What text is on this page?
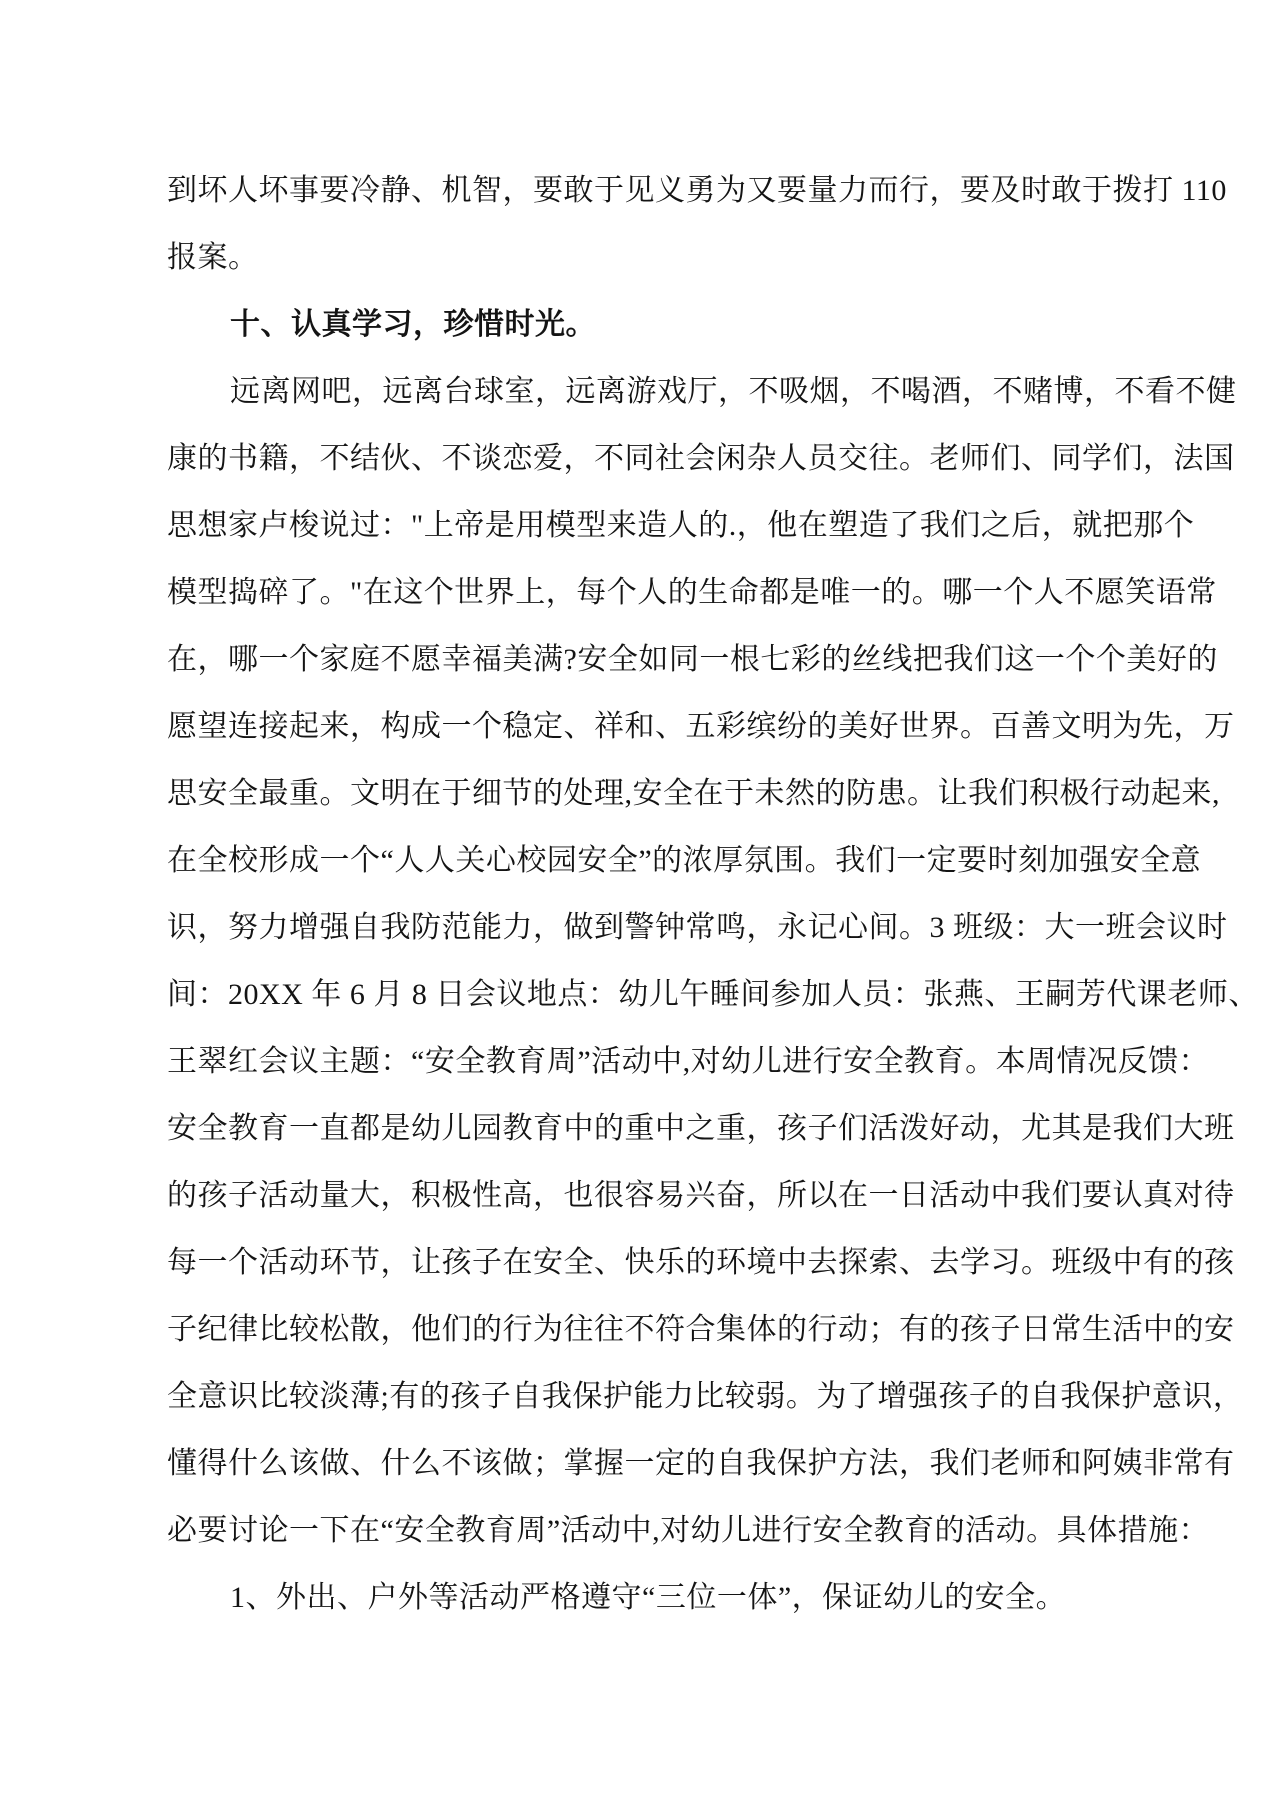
到坏人坏事要冷静、机智，要敢于见义勇为又要量力而行，要及时敢于拨打 110
报案。
十、认真学习，珍惜时光。
远离网吧，远离台球室，远离游戏厅，不吸烟，不喝酒，不赌博，不看不健
康的书籍，不结伙、不谈恋爱，不同社会闲杂人员交往。老师们、同学们，法国
思想家卢梭说过："上帝是用模型来造人的.，他在塑造了我们之后，就把那个
模型捣碎了。"在这个世界上，每个人的生命都是唯一的。哪一个人不愿笑语常
在，哪一个家庭不愿幸福美满?安全如同一根七彩的丝线把我们这一个个美好的
愿望连接起来，构成一个稳定、祥和、五彩缤纷的美好世界。百善文明为先，万
思安全最重。文明在于细节的处理,安全在于未然的防患。让我们积极行动起来,
在全校形成一个“人人关心校园安全”的浓厚氛围。我们一定要时刻加强安全意
识，努力增强自我防范能力，做到警钟常鸣，永记心间。3 班级：大一班会议时
间：20XX 年 6 月 8 日会议地点：幼儿午睡间参加人员：张燕、王嗣芳代课老师、
王翠红会议主题：“安全教育周”活动中,对幼儿进行安全教育。本周情况反馈：
安全教育一直都是幼儿园教育中的重中之重，孩子们活泼好动，尤其是我们大班
的孩子活动量大，积极性高，也很容易兴奋，所以在一日活动中我们要认真对待
每一个活动环节，让孩子在安全、快乐的环境中去探索、去学习。班级中有的孩
子纪律比较松散，他们的行为往往不符合集体的行动；有的孩子日常生活中的安
全意识比较淡薄;有的孩子自我保护能力比较弱。为了增强孩子的自我保护意识，
懂得什么该做、什么不该做；掌握一定的自我保护方法，我们老师和阿姨非常有
必要讨论一下在“安全教育周”活动中,对幼儿进行安全教育的活动。具体措施：
1、外出、户外等活动严格遵守“三位一体”，保证幼儿的安全。
